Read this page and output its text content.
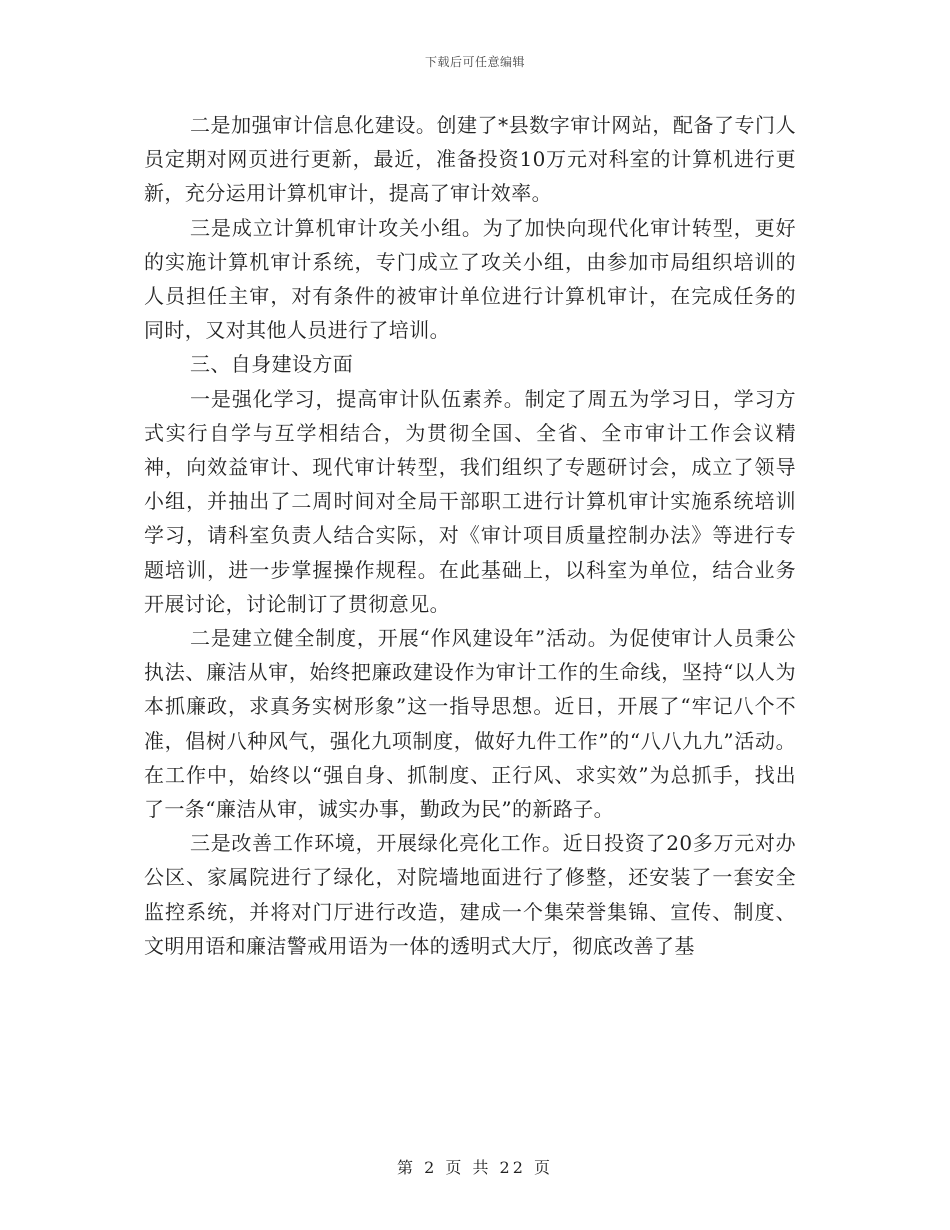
下载后可任意编辑

二是加强审计信息化建设。创建了*县数字审计网站，配备了专门人员定期对网页进行更新，最近，准备投资10万元对科室的计算机进行更新，充分运用计算机审计，提高了审计效率。

三是成立计算机审计攻关小组。为了加快向现代化审计转型，更好的实施计算机审计系统，专门成立了攻关小组，由参加市局组织培训的人员担任主审，对有条件的被审计单位进行计算机审计，在完成任务的同时，又对其他人员进行了培训。

三、自身建设方面

一是强化学习，提高审计队伍素养。制定了周五为学习日，学习方式实行自学与互学相结合，为贯彻全国、全省、全市审计工作会议精神，向效益审计、现代审计转型，我们组织了专题研讨会，成立了领导小组，并抽出了二周时间对全局干部职工进行计算机审计实施系统培训学习，请科室负责人结合实际，对《审计项目质量控制办法》等进行专题培训，进一步掌握操作规程。在此基础上，以科室为单位，结合业务开展讨论，讨论制订了贯彻意见。

二是建立健全制度，开展“作风建设年”活动。为促使审计人员秉公执法、廉洁从审，始终把廉政建设作为审计工作的生命线，坚持“以人为本抓廉政，求真务实树形象”这一指导思想。近日，开展了“牢记八个不准，倡树八种风气，强化九项制度，做好九件工作”的“八八九九”活动。在工作中，始终以“强自身、抓制度、正行风、求实效”为总抓手，找出了一条“廉洁从审，诚实办事，勤政为民”的新路子。

三是改善工作环境，开展绿化亮化工作。近日投资了20多万元对办公区、家属院进行了绿化，对院墙地面进行了修整，还安装了一套安全监控系统，并将对门厅进行改造，建成一个集荣誉集锦、宣传、制度、文明用语和廉洁警戒用语为一体的透明式大厅，彻底改善了基

第 2 页 共 22 页
